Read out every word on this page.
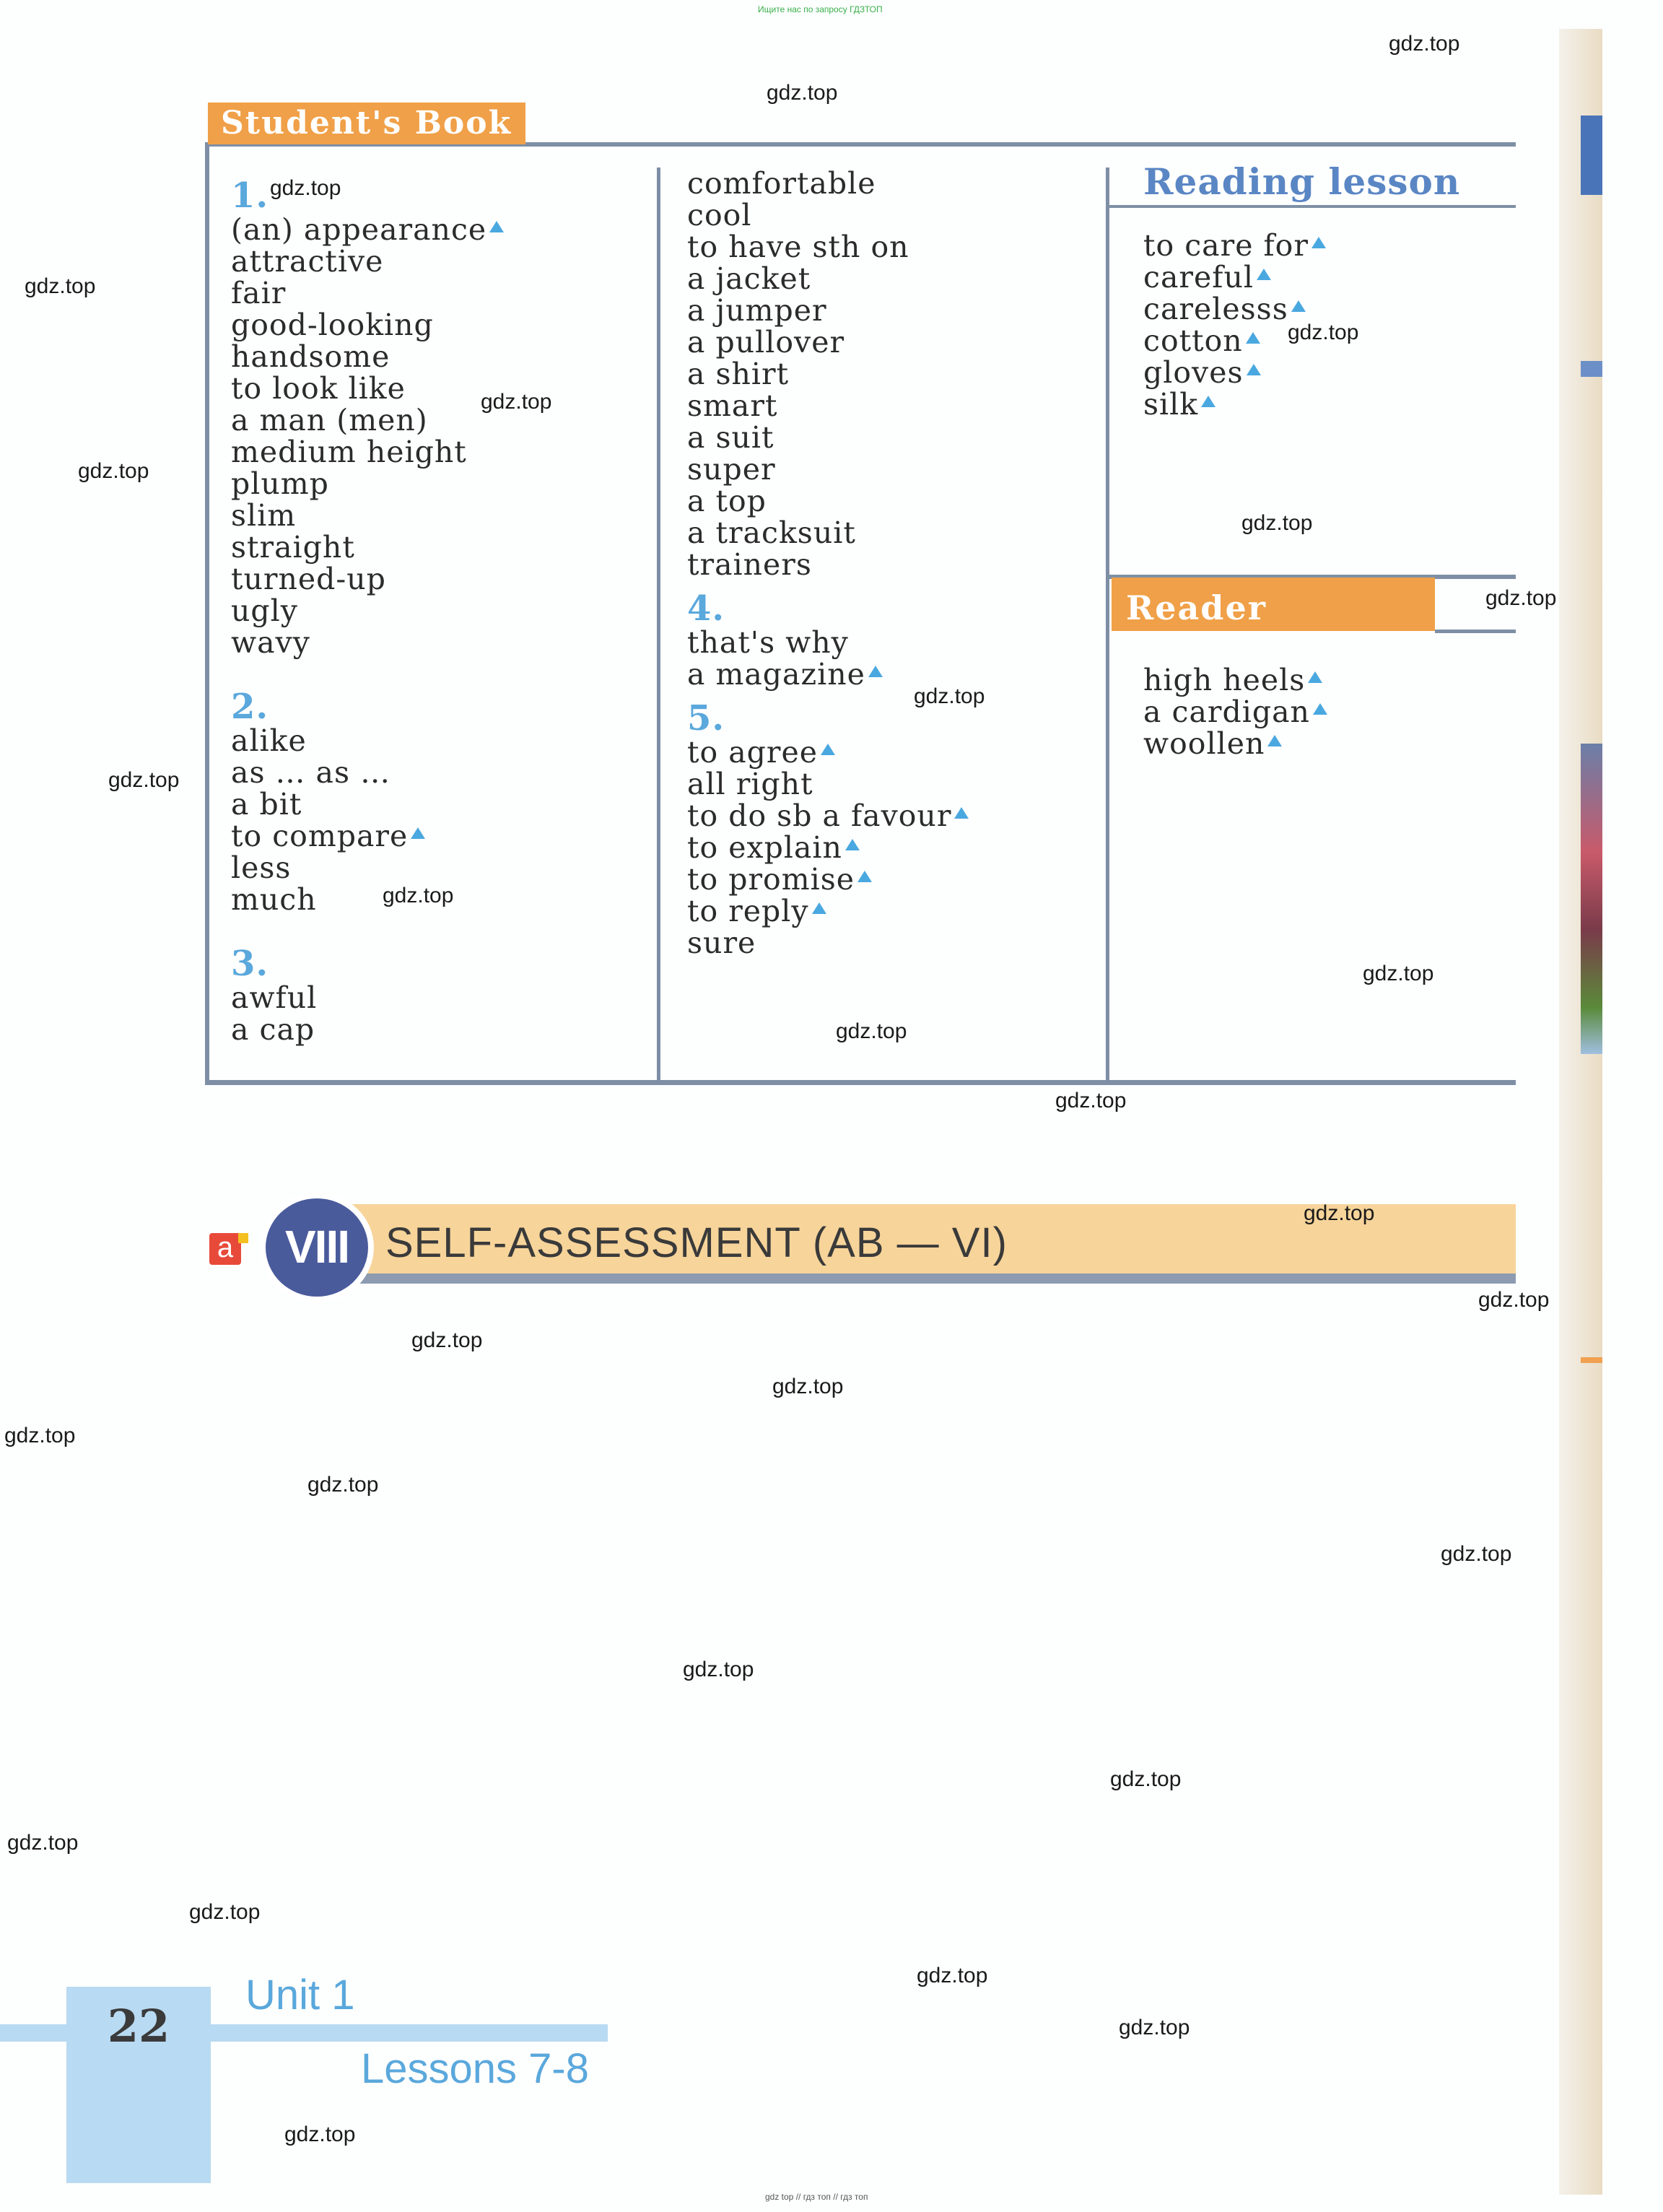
Ищите нас по запросу ГДЗТОП
Student's Book
Reading lesson
Reader
1.
(an) appearance
attractive
fair
good-looking
handsome
to look like
a man (men)
medium height
plump
slim
straight
turned-up
ugly
wavy
2.
alike
as … as …
a bit
to compare
less
much
3.
awful
a cap
comfortable
cool
to have sth on
a jacket
a jumper
a pullover
a shirt
smart
a suit
super
a top
a tracksuit
trainers
4.
that's why
a magazine
5.
to agree
all right
to do sb a favour
to explain
to promise
to reply
sure
to care for
careful
carelesss
cotton
gloves
silk
high heels
a cardigan
woollen
a	VIII SELF-ASSESSMENT (AB — VI)
22
Unit 1
Lessons 7-8
gdz top // гдз топ // гдз топ
gdz.top
gdz.top
gdz.top
gdz.top
gdz.top
gdz.top
gdz.top
gdz.top
gdz.top
gdz.top
gdz.top
gdz.top
gdz.top
gdz.top
gdz.top
gdz.top
gdz.top
gdz.top
gdz.top
gdz.top
gdz.top
gdz.top
gdz.top
gdz.top
gdz.top
gdz.top
gdz.top
gdz.top
gdz.top
